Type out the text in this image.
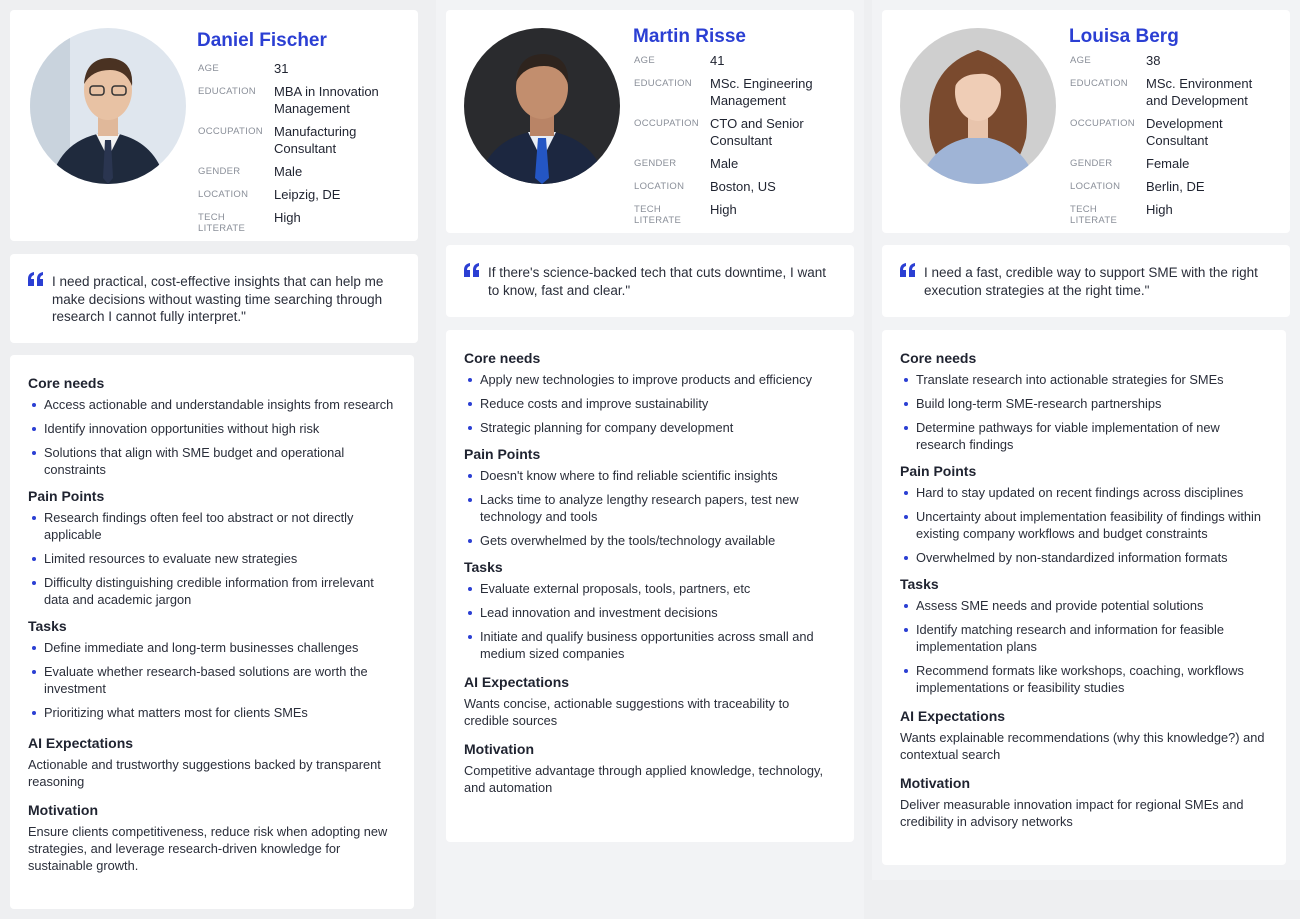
Daniel Fischer
AGE	31
EDUCATION	MBA in Innovation Management
OCCUPATION Manufacturing Consultant
GENDER	Male
LOCATION	Leipzig, DE
TECH LITERATE
High
I need practical, cost-effective insights that can help me make decisions without wasting time searching through research I cannot fully interpret."
Core needs
Access actionable and understandable insights from research
Identify innovation opportunities without high risk
Solutions that align with SME budget and operational constraints
Pain Points
Research findings often feel too abstract or not directly applicable
Limited resources to evaluate new strategies
Difficulty distinguishing credible information from irrelevant data and academic jargon
Tasks
Define immediate and long-term businesses challenges
Evaluate whether research-based solutions are worth the investment
Prioritizing what matters most for clients SMEs
AI Expectations
Actionable and trustworthy suggestions backed by transparent reasoning
Motivation
Ensure clients competitiveness, reduce risk when adopting new strategies, and leverage research-driven knowledge for sustainable growth.
Martin Risse
AGE	41
EDUCATION	MSc. Engineering Management
OCCUPATION CTO and Senior Consultant
GENDER	Male
LOCATION	Boston, US
TECH LITERATE
High
If there's science-backed tech that cuts downtime, I want to know, fast and clear."
Core needs
Apply new technologies to improve products and efficiency
Reduce costs and improve sustainability
Strategic planning for company development
Pain Points
Doesn't know where to find reliable scientific insights
Lacks time to analyze lengthy research papers, test new technology and tools
Gets overwhelmed by the tools/technology available
Tasks
Evaluate external proposals, tools, partners, etc
Lead innovation and investment decisions
Initiate and qualify business opportunities across small and medium sized companies
AI Expectations
Wants concise, actionable suggestions with traceability to credible sources
Motivation
Competitive advantage through applied knowledge, technology, and automation
Louisa Berg
AGE	38
EDUCATION	MSc. Environment and Development
OCCUPATION Development Consultant
GENDER	Female
LOCATION	Berlin, DE
TECH LITERATE
High
I need a fast, credible way to support SME with the right execution strategies at the right time."
Core needs
Translate research into actionable strategies for SMEs
Build long-term SME-research partnerships
Determine pathways for viable implementation of new research findings
Pain Points
Hard to stay updated on recent findings across disciplines
Uncertainty about implementation feasibility of findings within existing company workflows and budget constraints
Overwhelmed by non-standardized information formats
Tasks
Assess SME needs and provide potential solutions
Identify matching research and information for feasible implementation plans
Recommend formats like workshops, coaching, workflows implementations or feasibility studies
AI Expectations
Wants explainable recommendations (why this knowledge?) and contextual search
Motivation
Deliver measurable innovation impact for regional SMEs and credibility in advisory networks
